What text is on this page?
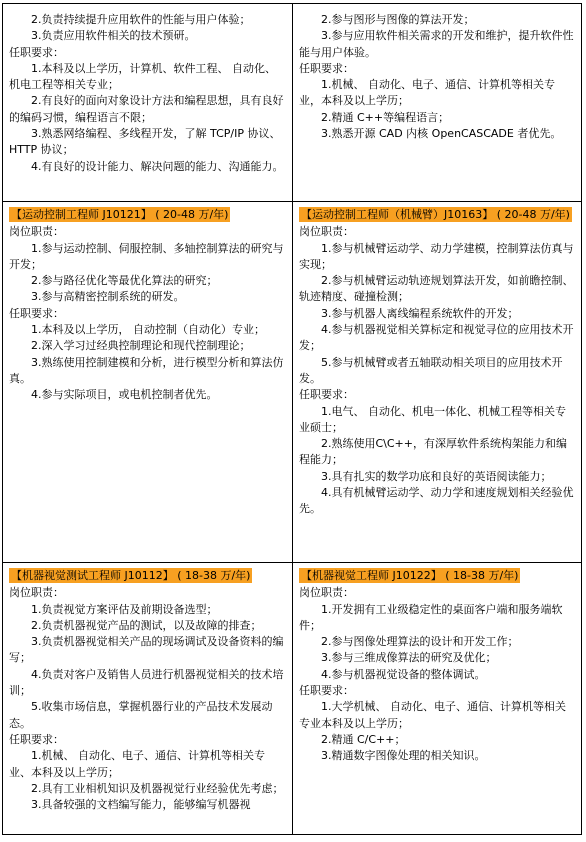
2.负责持续提升应用软件的性能与用户体验；

3.负责应用软件相关的技术预研。

任职要求：

1.本科及以上学历，计算机、软件工程、 自动化、机电工程等相关专业；

2.有良好的面向对象设计方法和编程思想，具有良好的编码习惯，编程语言不限；

3.熟悉网络编程、多线程开发，了解 TCP/IP 协议、HTTP 协议；

4.有良好的设计能力、解决问题的能力、沟通能力。

2.参与图形与图像的算法开发；

3.参与应用软件相关需求的开发和维护，提升软件性能与用户体验。

任职要求：

1.机械、 自动化、电子、通信、计算机等相关专业，本科及以上学历；

2.精通 C++等编程语言；

3.熟悉开源 CAD 内核 OpenCASCADE 者优先。

【运动控制工程师 J10121】 ( 20-48 万/年)

岗位职责：

1.参与运动控制、伺服控制、多轴控制算法的研究与开发；

2.参与路径优化等最优化算法的研究；

3.参与高精密控制系统的研发。

任职要求：

1.本科及以上学历， 自动控制（自动化）专业；

2.深入学习过经典控制理论和现代控制理论；

3.熟练使用控制建模和分析，进行模型分析和算法仿真。

4.参与实际项目，或电机控制者优先。

【运动控制工程师（机械臂）J10163】 ( 20-48 万/年)

岗位职责：

1.参与机械臂运动学、动力学建模，控制算法仿真与实现；

2.参与机械臂运动轨迹规划算法开发，如前瞻控制、轨迹精度、碰撞检测；

3.参与机器人离线编程系统软件的开发；

4.参与机器视觉相关算标定和视觉寻位的应用技术开发；

5.参与机械臂或者五轴联动相关项目的应用技术开发。

任职要求：

1.电气、 自动化、机电一体化、机械工程等相关专业硕士；

2.熟练使用C\C++，有深厚软件系统构架能力和编程能力；

3.具有扎实的数学功底和良好的英语阅读能力；

4.具有机械臂运动学、动力学和速度规划相关经验优先。

【机器视觉测试工程师 J10112】 ( 18-38 万/年)

岗位职责：

1.负责视觉方案评估及前期设备选型；

2.负责机器视觉产品的测试，以及故障的排查；

3.负责机器视觉相关产品的现场调试及设备资料的编写；

4.负责对客户及销售人员进行机器视觉相关的技术培训；

5.收集市场信息，掌握机器行业的产品技术发展动态。

任职要求：

1.机械、 自动化、电子、通信、计算机等相关专业、本科及以上学历；

2.具有工业相机知识及机器视觉行业经验优先考虑；

3.具备较强的文档编写能力，能够编写机器视

【机器视觉工程师 J10122】 ( 18-38 万/年)

岗位职责：

1.开发拥有工业级稳定性的桌面客户端和服务端软件；

2.参与图像处理算法的设计和开发工作；

3.参与三维成像算法的研究及优化；

4.参与机器视觉设备的整体调试。

任职要求：

1.大学机械、 自动化、电子、通信、计算机等相关专业本科及以上学历；

2.精通 C/C++；

3.精通数字图像处理的相关知识。
